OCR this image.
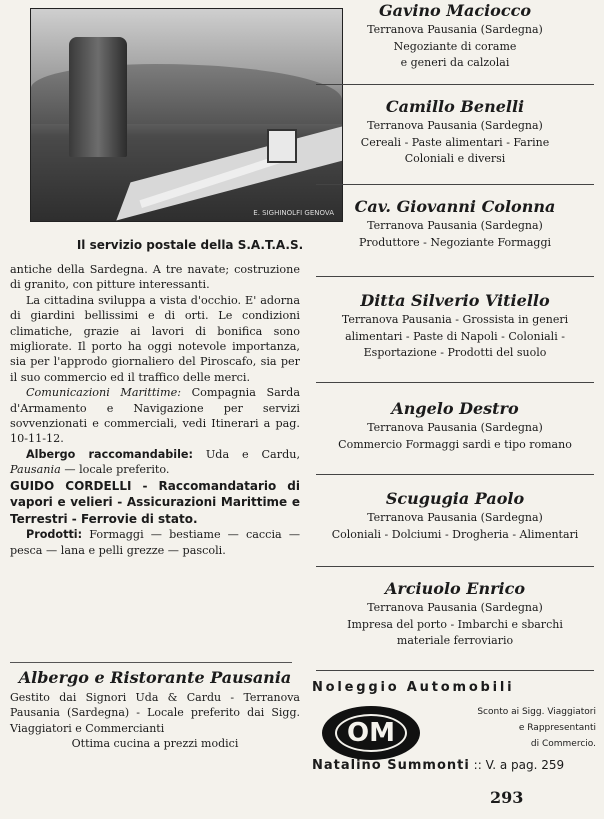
E. SIGHINOLFI GENOVA
Il servizio postale della S.A.T.A.S.

antiche della Sardegna. A tre navate; costruzione di granito, con pitture interessanti.

La cittadina sviluppa a vista d'occhio. E' adorna di giardini bellissimi e di orti. Le condizioni climatiche, grazie ai lavori di bonifica sono migliorate. Il porto ha oggi notevole importanza, sia per l'approdo giornaliero del Piroscafo, sia per il suo commercio ed il traffico delle merci.

Comunicazioni Marittime: Compagnia Sarda d'Armamento e Navigazione per servizi sovvenzionati e commerciali, vedi Itinerari a pag. 10-11-12.

Albergo raccomandabile: Uda e Cardu, Pausania — locale preferito.

GUIDO CORDELLI - Raccomandatario di vapori e velieri - Assicurazioni Marittime e Terrestri - Ferrovie di stato.

Prodotti: Formaggi — bestiame — caccia — pesca — lana e pelli grezze — pascoli.

Albergo e Ristorante Pausania
Gestito dai Signori Uda & Cardu - Terranova Pausania (Sardegna) - Locale preferito dai Sigg. Viaggiatori e Commercianti
Ottima cucina a prezzi modici
Gavino Maciocco
Terranova Pausania (Sardegna)
Negoziante di corame
e generi da calzolai
Camillo Benelli
Terranova Pausania (Sardegna)
Cereali - Paste alimentari - Farine
Coloniali e diversi
Cav. Giovanni Colonna
Terranova Pausania (Sardegna)
Produttore - Negoziante Formaggi
Ditta Silverio Vitiello
Terranova Pausania - Grossista in generi
alimentari - Paste di Napoli - Coloniali -
Esportazione - Prodotti del suolo
Angelo Destro
Terranova Pausania (Sardegna)
Commercio Formaggi sardi e tipo romano
Scugugia Paolo
Terranova Pausania (Sardegna)
Coloniali - Dolciumi - Drogheria - Alimentari
Arciuolo Enrico
Terranova Pausania (Sardegna)
Impresa del porto - Imbarchi e sbarchi
materiale ferroviario
Noleggio Automobili
OM
Sconto ai Sigg. Viaggiatori
e Rappresentanti
di Commercio.
Natalino Summonti :: V. a pag. 259
293
